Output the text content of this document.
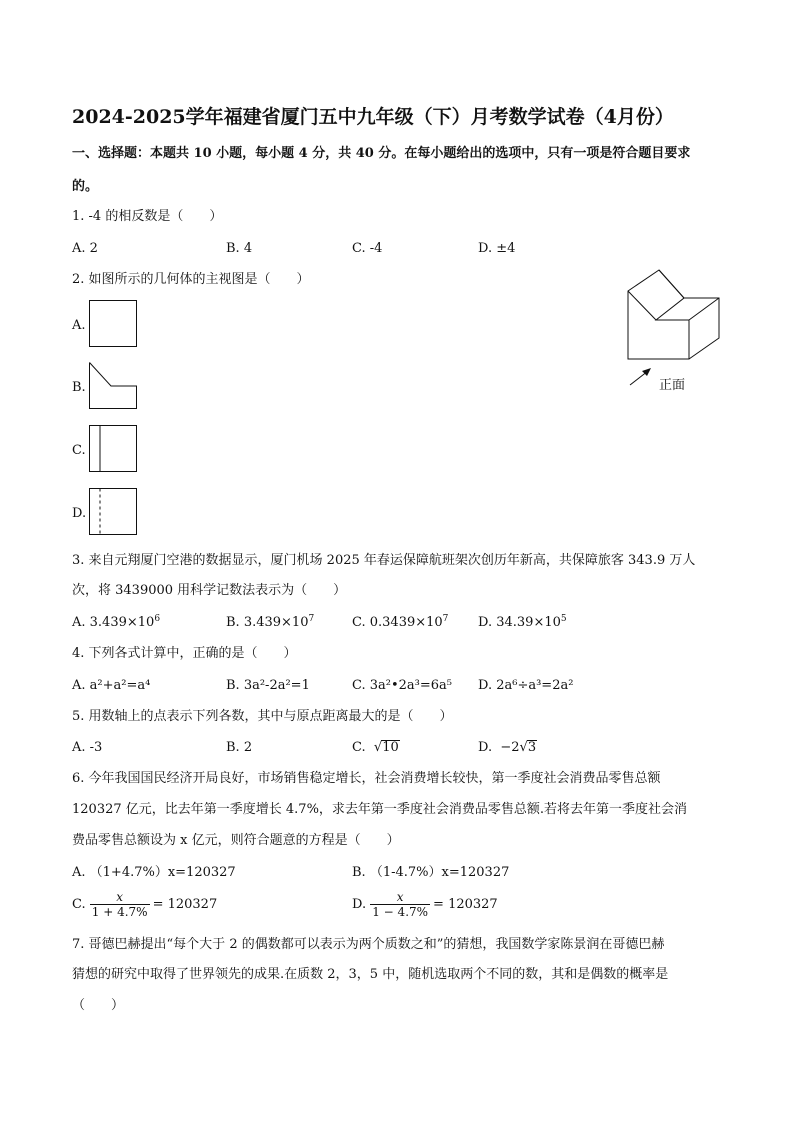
2024-2025学年福建省厦门五中九年级（下）月考数学试卷（4月份）
一、选择题：本题共 10 小题，每小题 4 分，共 40 分。在每小题给出的选项中，只有一项是符合题目要求
的。
1. -4 的相反数是（　　）
A. 2	B. 4	C. -4	D. ±4
2. 如图所示的几何体的主视图是（　　）
A.
B.
C.
D.
正面
3. 来自元翔厦门空港的数据显示，厦门机场 2025 年春运保障航班架次创历年新高，共保障旅客 343.9 万人
次，将 3439000 用科学记数法表示为（　　）
A. $3.439\times 10^6$	B. $3.439\times 10^7$	C. $0.3439\times 10^7$ D. $34.39\times 10^5$
4. 下列各式计算中，正确的是（　　）
A. a²+a²=a⁴	B. 3a²-2a²=1	C. 3a²•2a³=6a⁵ D. 2a⁶÷a³=2a²
5. 用数轴上的点表示下列各数，其中与原点距离最大的是（　　）
A. -3	B. 2	C. √10	D. −2√3
6. 今年我国国民经济开局良好，市场销售稳定增长，社会消费增长较快，第一季度社会消费品零售总额
120327 亿元，比去年第一季度增长 4.7%，求去年第一季度社会消费品零售总额.若将去年第一季度社会消
费品零售总额设为 x 亿元，则符合题意的方程是（　　）
A. （1+4.7%）x=120327	B. （1-4.7%）x=120327
C. $\frac{x}{1 + 4.7\%} = 120327$	D. $\frac{x}{1 - 4.7\%} = 120327$
7. 哥德巴赫提出“每个大于 2 的偶数都可以表示为两个质数之和”的猜想，我国数学家陈景润在哥德巴赫
猜想的研究中取得了世界领先的成果.在质数 2，3，5 中，随机选取两个不同的数，其和是偶数的概率是
（　　）
